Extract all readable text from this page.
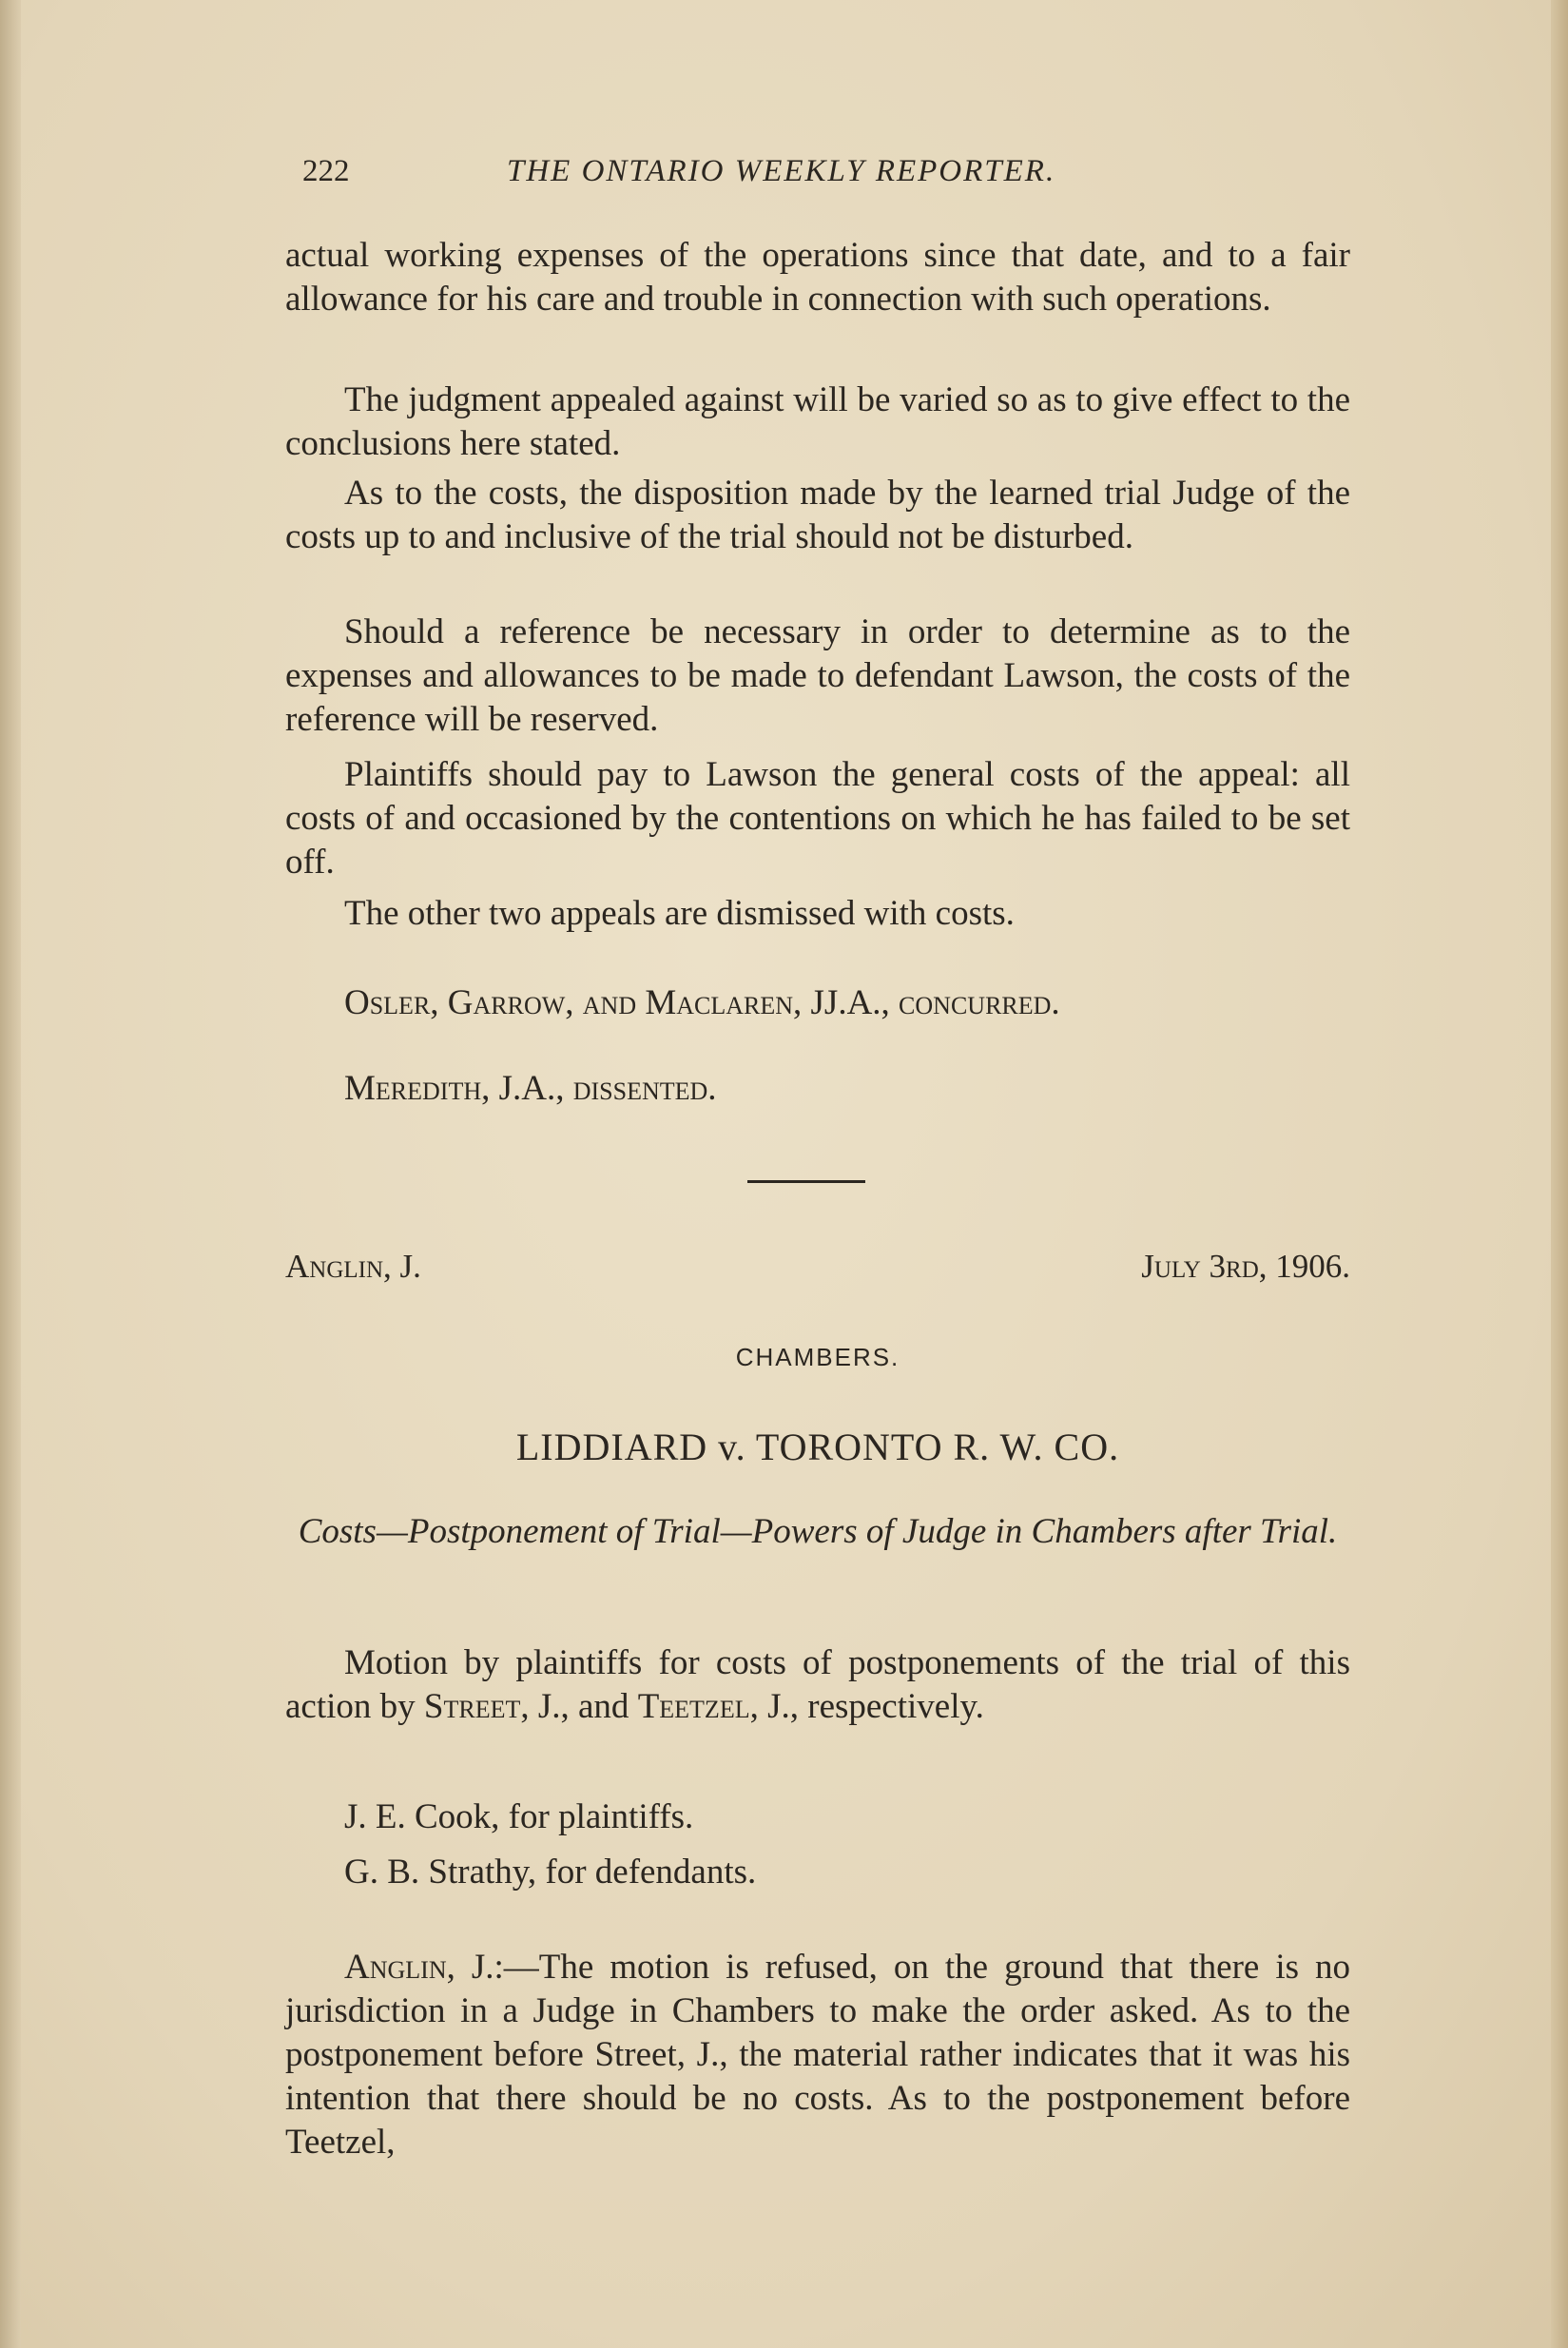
222	THE ONTARIO WEEKLY REPORTER.

actual working expenses of the operations since that date, and to a fair allowance for his care and trouble in connection with such operations.

The judgment appealed against will be varied so as to give effect to the conclusions here stated.

As to the costs, the disposition made by the learned trial Judge of the costs up to and inclusive of the trial should not be disturbed.

Should a reference be necessary in order to determine as to the expenses and allowances to be made to defendant Lawson, the costs of the reference will be reserved.

Plaintiffs should pay to Lawson the general costs of the appeal: all costs of and occasioned by the contentions on which he has failed to be set off.

The other two appeals are dismissed with costs.

Osler, Garrow, and Maclaren, JJ.A., concurred.

Meredith, J.A., dissented.

Anglin, J.	July 3rd, 1906.
CHAMBERS.
LIDDIARD v. TORONTO R. W. CO.
Costs—Postponement of Trial—Powers of Judge in Chambers after Trial.

Motion by plaintiffs for costs of postponements of the trial of this action by Street, J., and Teetzel, J., respectively.

J. E. Cook, for plaintiffs.

G. B. Strathy, for defendants.

Anglin, J.:—The motion is refused, on the ground that there is no jurisdiction in a Judge in Chambers to make the order asked. As to the postponement before Street, J., the material rather indicates that it was his intention that there should be no costs. As to the postponement before Teetzel,
